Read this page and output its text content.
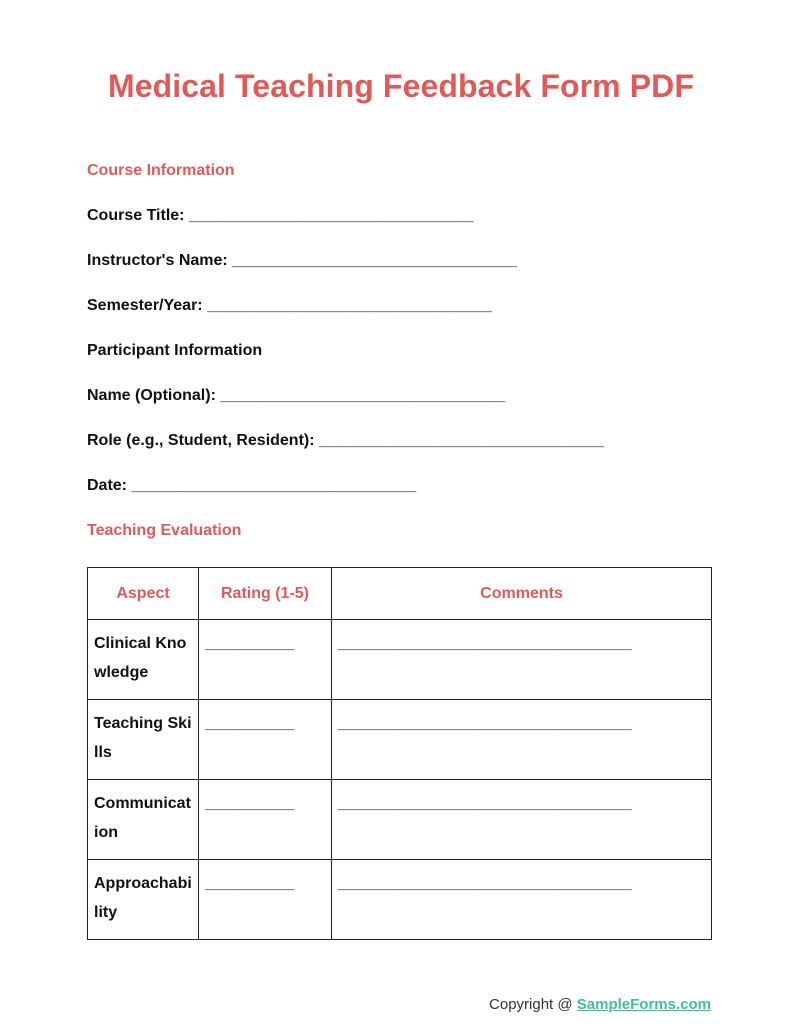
Medical Teaching Feedback Form PDF
Course Information
Course Title: ________________________________
Instructor's Name: ________________________________
Semester/Year: ________________________________
Participant Information
Name (Optional): ________________________________
Role (e.g., Student, Resident): ________________________________
Date: ________________________________
Teaching Evaluation
Aspect	Rating (1-5)	Comments
Clinical Knowledge	__________	_________________________________
Teaching Skills	__________	_________________________________
Communication	__________	_________________________________
Approachability	__________	_________________________________
Copyright @ SampleForms.com
